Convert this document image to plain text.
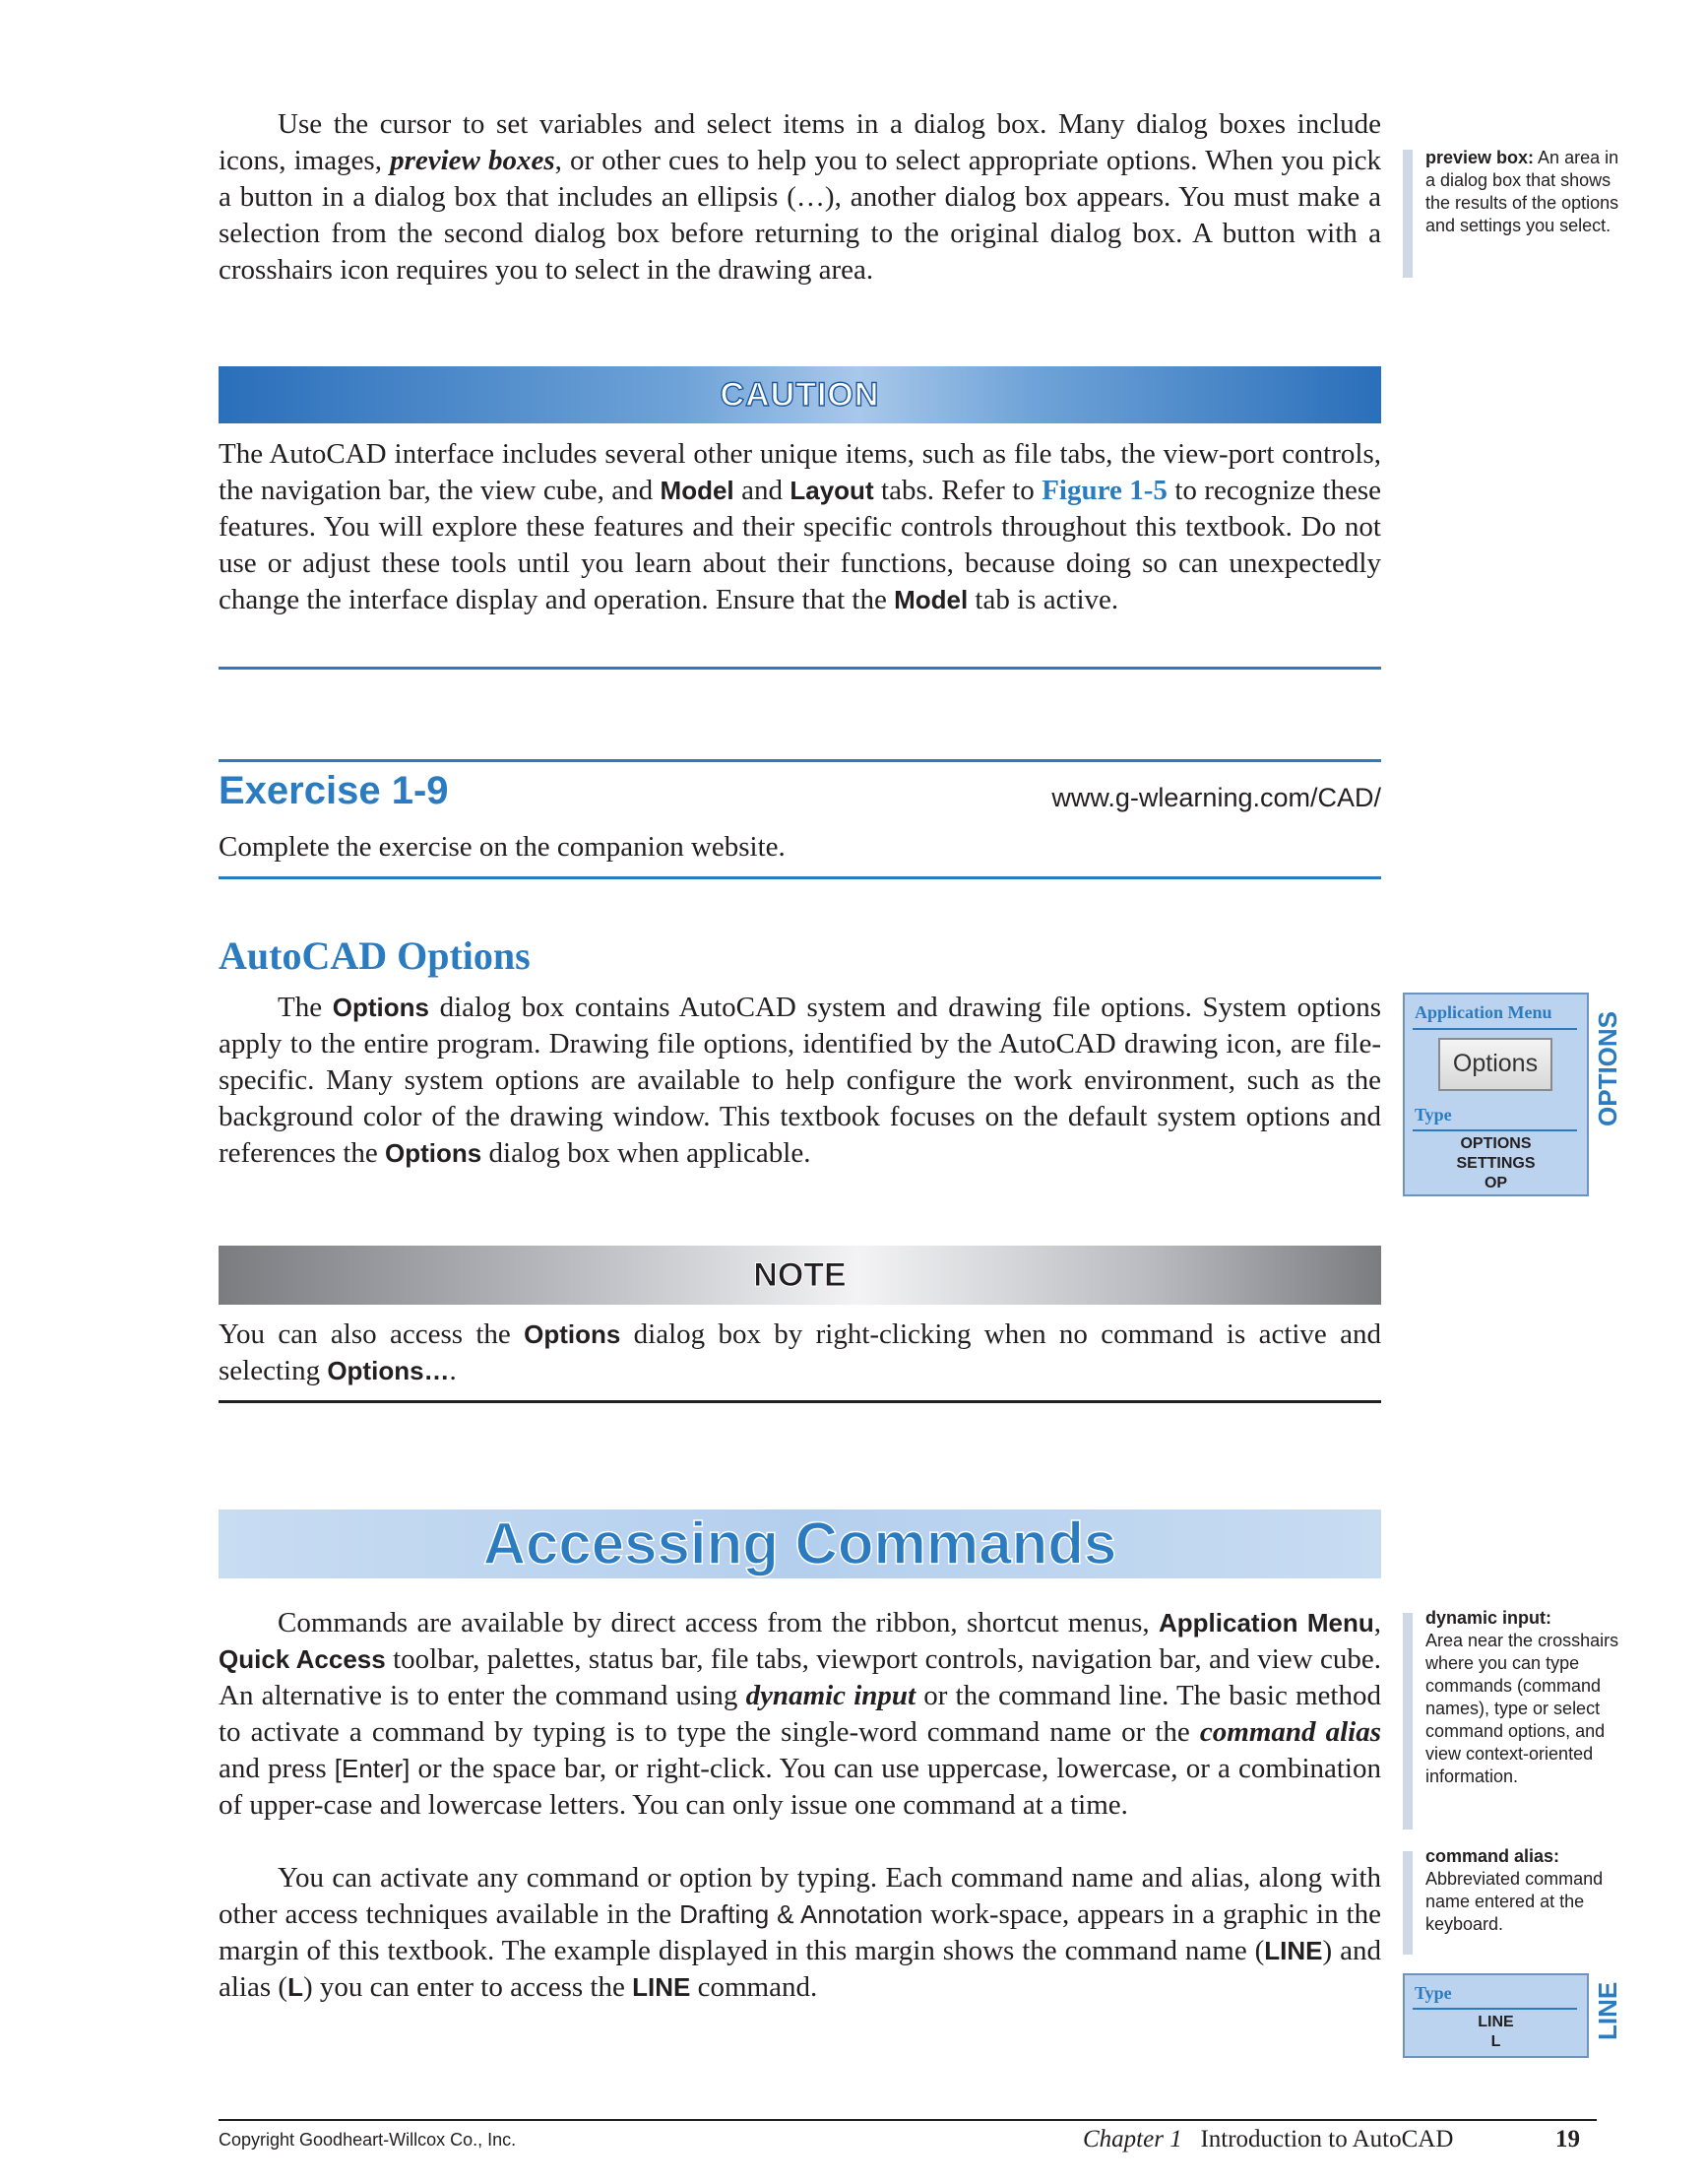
Use the cursor to set variables and select items in a dialog box. Many dialog boxes include icons, images, preview boxes, or other cues to help you to select appropriate options. When you pick a button in a dialog box that includes an ellipsis (…), another dialog box appears. You must make a selection from the second dialog box before returning to the original dialog box. A button with a crosshairs icon requires you to select in the drawing area.
preview box: An area in a dialog box that shows the results of the options and settings you select.
CAUTION
The AutoCAD interface includes several other unique items, such as file tabs, the view-port controls, the navigation bar, the view cube, and Model and Layout tabs. Refer to Figure 1-5 to recognize these features. You will explore these features and their specific controls throughout this textbook. Do not use or adjust these tools until you learn about their functions, because doing so can unexpectedly change the interface display and operation. Ensure that the Model tab is active.
Exercise 1-9	www.g-wlearning.com/CAD/
Complete the exercise on the companion website.
AutoCAD Options
The Options dialog box contains AutoCAD system and drawing file options. System options apply to the entire program. Drawing file options, identified by the AutoCAD drawing icon, are file-specific. Many system options are available to help configure the work environment, such as the background color of the drawing window. This textbook focuses on the default system options and references the Options dialog box when applicable.
Application Menu
Options
Type
OPTIONS
SETTINGS
OP
OPTIONS
NOTE
You can also access the Options dialog box by right-clicking when no command is active and selecting Options….
Accessing Commands
Commands are available by direct access from the ribbon, shortcut menus, Application Menu, Quick Access toolbar, palettes, status bar, file tabs, viewport controls, navigation bar, and view cube. An alternative is to enter the command using dynamic input or the command line. The basic method to activate a command by typing is to type the single-word command name or the command alias and press [Enter] or the space bar, or right-click. You can use uppercase, lowercase, or a combination of upper-case and lowercase letters. You can only issue one command at a time.
You can activate any command or option by typing. Each command name and alias, along with other access techniques available in the Drafting & Annotation work-space, appears in a graphic in the margin of this textbook. The example displayed in this margin shows the command name (LINE) and alias (L) you can enter to access the LINE command.
dynamic input:
Area near the crosshairs where you can type commands (command names), type or select command options, and view context-oriented information.
command alias:
Abbreviated command name entered at the keyboard.
Type
LINE
L
LINE
Copyright Goodheart-Willcox Co., Inc.	Chapter 1 Introduction to AutoCAD	19
